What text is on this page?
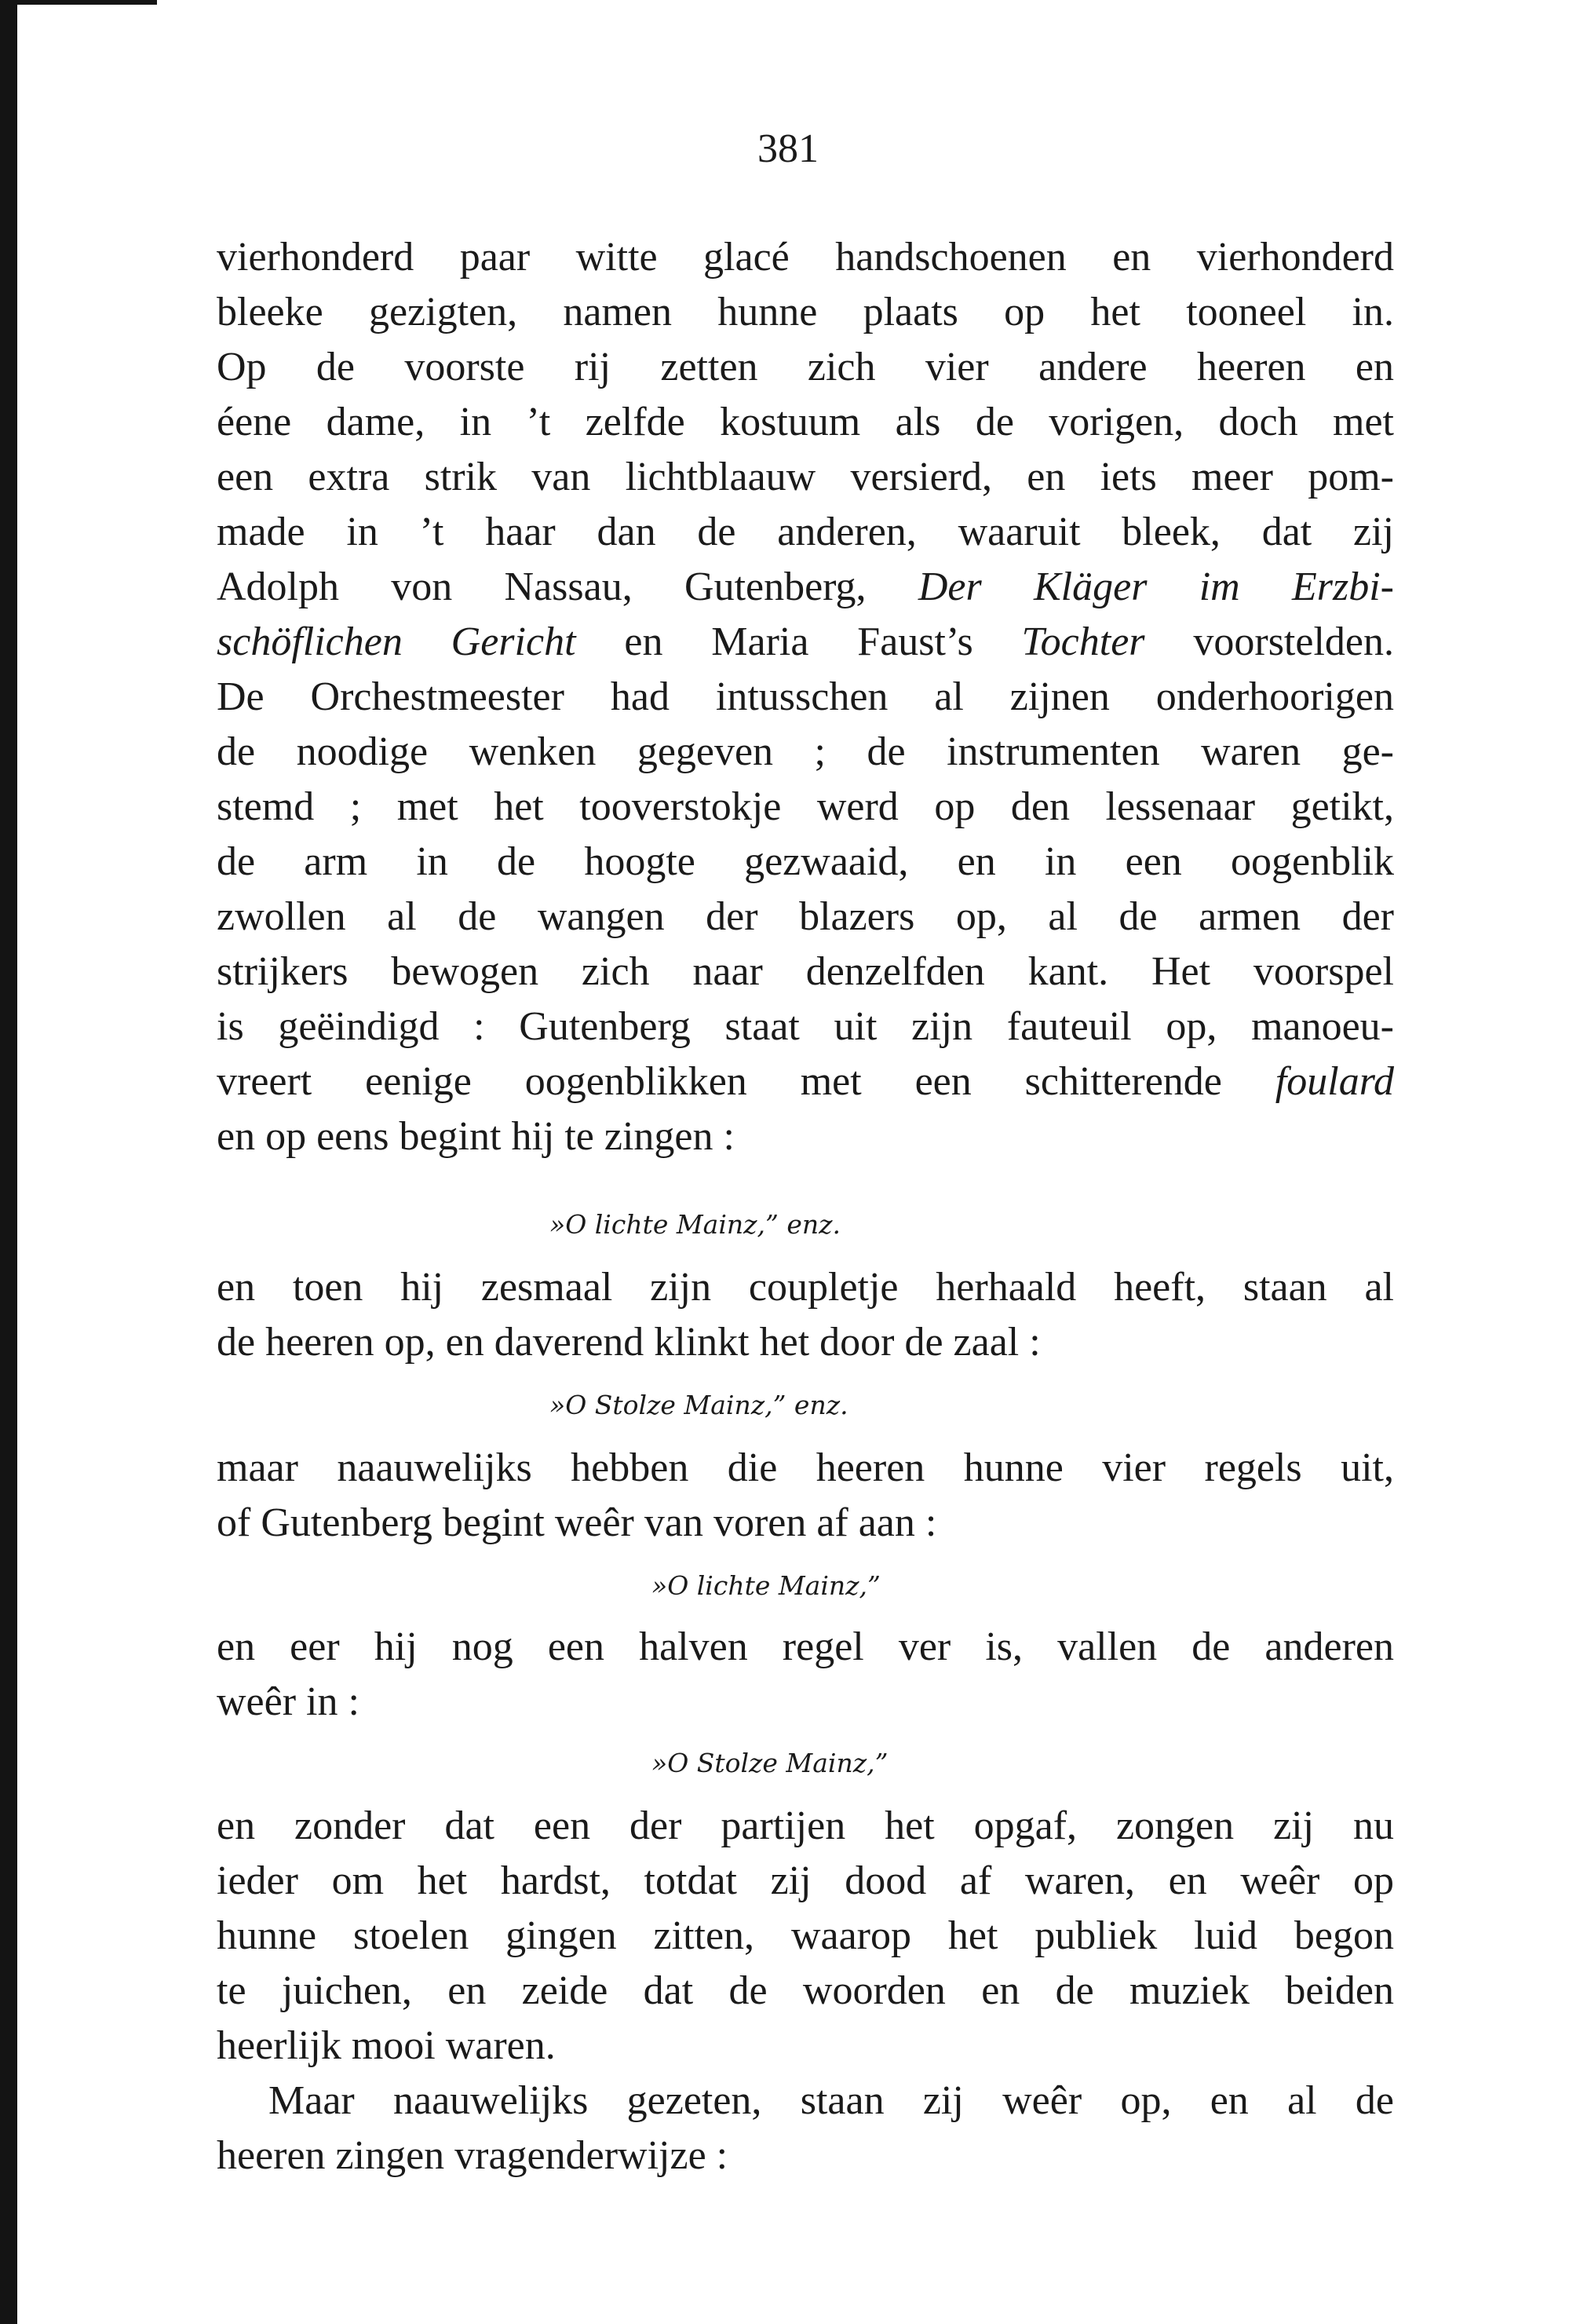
381
vierhonderd paar witte glacé handschoenen en vierhonderd
bleeke gezigten, namen hunne plaats op het tooneel in.
Op de voorste rij zetten zich vier andere heeren en
éene dame, in ’t zelfde kostuum als de vorigen, doch met
een extra strik van lichtblaauw versierd, en iets meer pom-
made in ’t haar dan de anderen, waaruit bleek, dat zij
Adolph von Nassau, Gutenberg, Der Kläger im Erzbi-
schöflichen Gericht en Maria Faust’s Tochter voorstelden.
De Orchestmeester had intusschen al zijnen onderhoorigen
de noodige wenken gegeven ; de instrumenten waren ge-
stemd ; met het tooverstokje werd op den lessenaar getikt,
de arm in de hoogte gezwaaid, en in een oogenblik
zwollen al de wangen der blazers op, al de armen der
strijkers bewogen zich naar denzelfden kant. Het voorspel
is geëindigd : Gutenberg staat uit zijn fauteuil op, manoeu-
vreert eenige oogenblikken met een schitterende foulard
en op eens begint hij te zingen :
»O lichte Mainz,” enz.
en toen hij zesmaal zijn coupletje herhaald heeft, staan al
de heeren op, en daverend klinkt het door de zaal :
»O Stolze Mainz,” enz.
maar naauwelijks hebben die heeren hunne vier regels uit,
of Gutenberg begint weêr van voren af aan :
»O lichte Mainz,”
en eer hij nog een halven regel ver is, vallen de anderen
weêr in :
»O Stolze Mainz,”
en zonder dat een der partijen het opgaf, zongen zij nu
ieder om het hardst, totdat zij dood af waren, en weêr op
hunne stoelen gingen zitten, waarop het publiek luid begon
te juichen, en zeide dat de woorden en de muziek beiden
heerlijk mooi waren.
Maar naauwelijks gezeten, staan zij weêr op, en al de
heeren zingen vragenderwijze :
